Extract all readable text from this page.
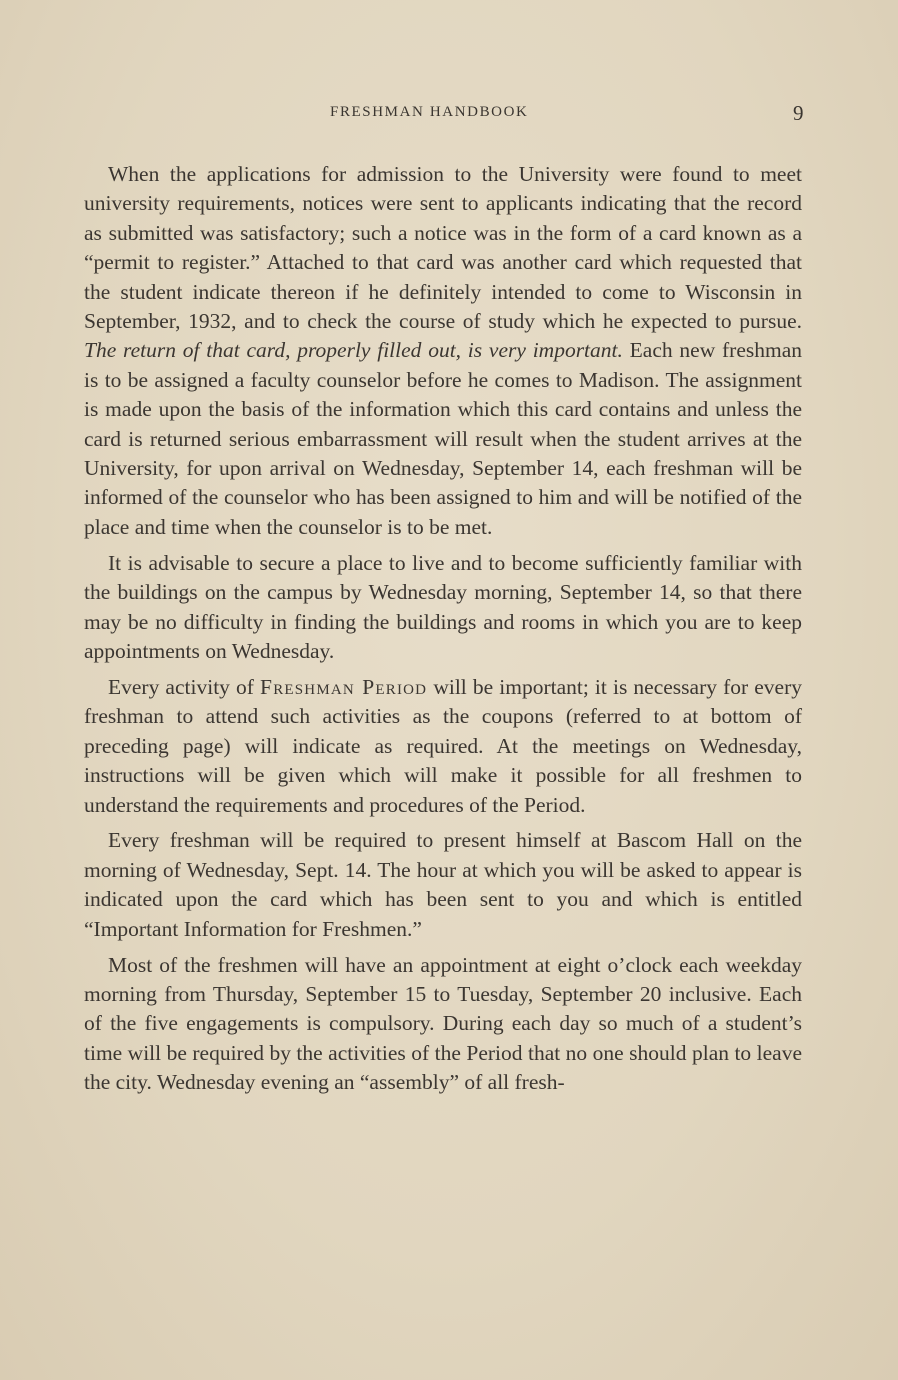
FRESHMAN HANDBOOK	9

When the applications for admission to the University were found to meet university requirements, notices were sent to applicants indicating that the record as submitted was satisfactory; such a notice was in the form of a card known as a “permit to register.” Attached to that card was another card which requested that the student indicate thereon if he definitely intended to come to Wisconsin in September, 1932, and to check the course of study which he expected to pursue. The return of that card, properly filled out, is very important. Each new freshman is to be assigned a faculty counselor before he comes to Madison. The assignment is made upon the basis of the information which this card contains and unless the card is returned serious embarrassment will result when the student arrives at the University, for upon arrival on Wednesday, September 14, each freshman will be informed of the counselor who has been assigned to him and will be notified of the place and time when the counselor is to be met.

It is advisable to secure a place to live and to become sufficiently familiar with the buildings on the campus by Wednesday morning, September 14, so that there may be no difficulty in finding the buildings and rooms in which you are to keep appointments on Wednesday.

Every activity of Freshman Period will be important; it is necessary for every freshman to attend such activities as the coupons (referred to at bottom of preceding page) will indicate as required. At the meetings on Wednesday, instructions will be given which will make it possible for all freshmen to understand the requirements and procedures of the Period.

Every freshman will be required to present himself at Bascom Hall on the morning of Wednesday, Sept. 14. The hour at which you will be asked to appear is indicated upon the card which has been sent to you and which is entitled “Important Information for Freshmen.”

Most of the freshmen will have an appointment at eight o’clock each weekday morning from Thursday, September 15 to Tuesday, September 20 inclusive. Each of the five engagements is compulsory. During each day so much of a student’s time will be required by the activities of the Period that no one should plan to leave the city. Wednesday evening an “assembly” of all fresh-
